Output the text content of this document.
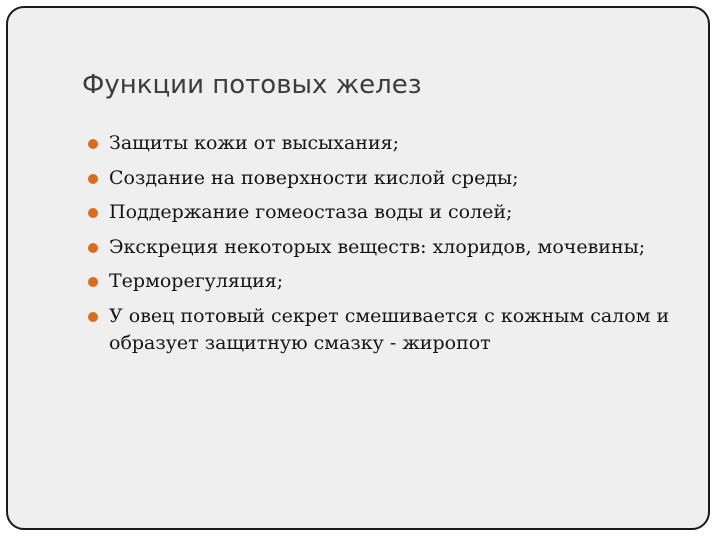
Функции потовых желез
Защиты кожи от высыхания;
Создание на поверхности кислой среды;
Поддержание гомеостаза воды и солей;
Экскреция некоторых веществ: хлоридов, мочевины;
Терморегуляция;
У овец потовый секрет смешивается с кожным салом и образует защитную смазку - жиропот
